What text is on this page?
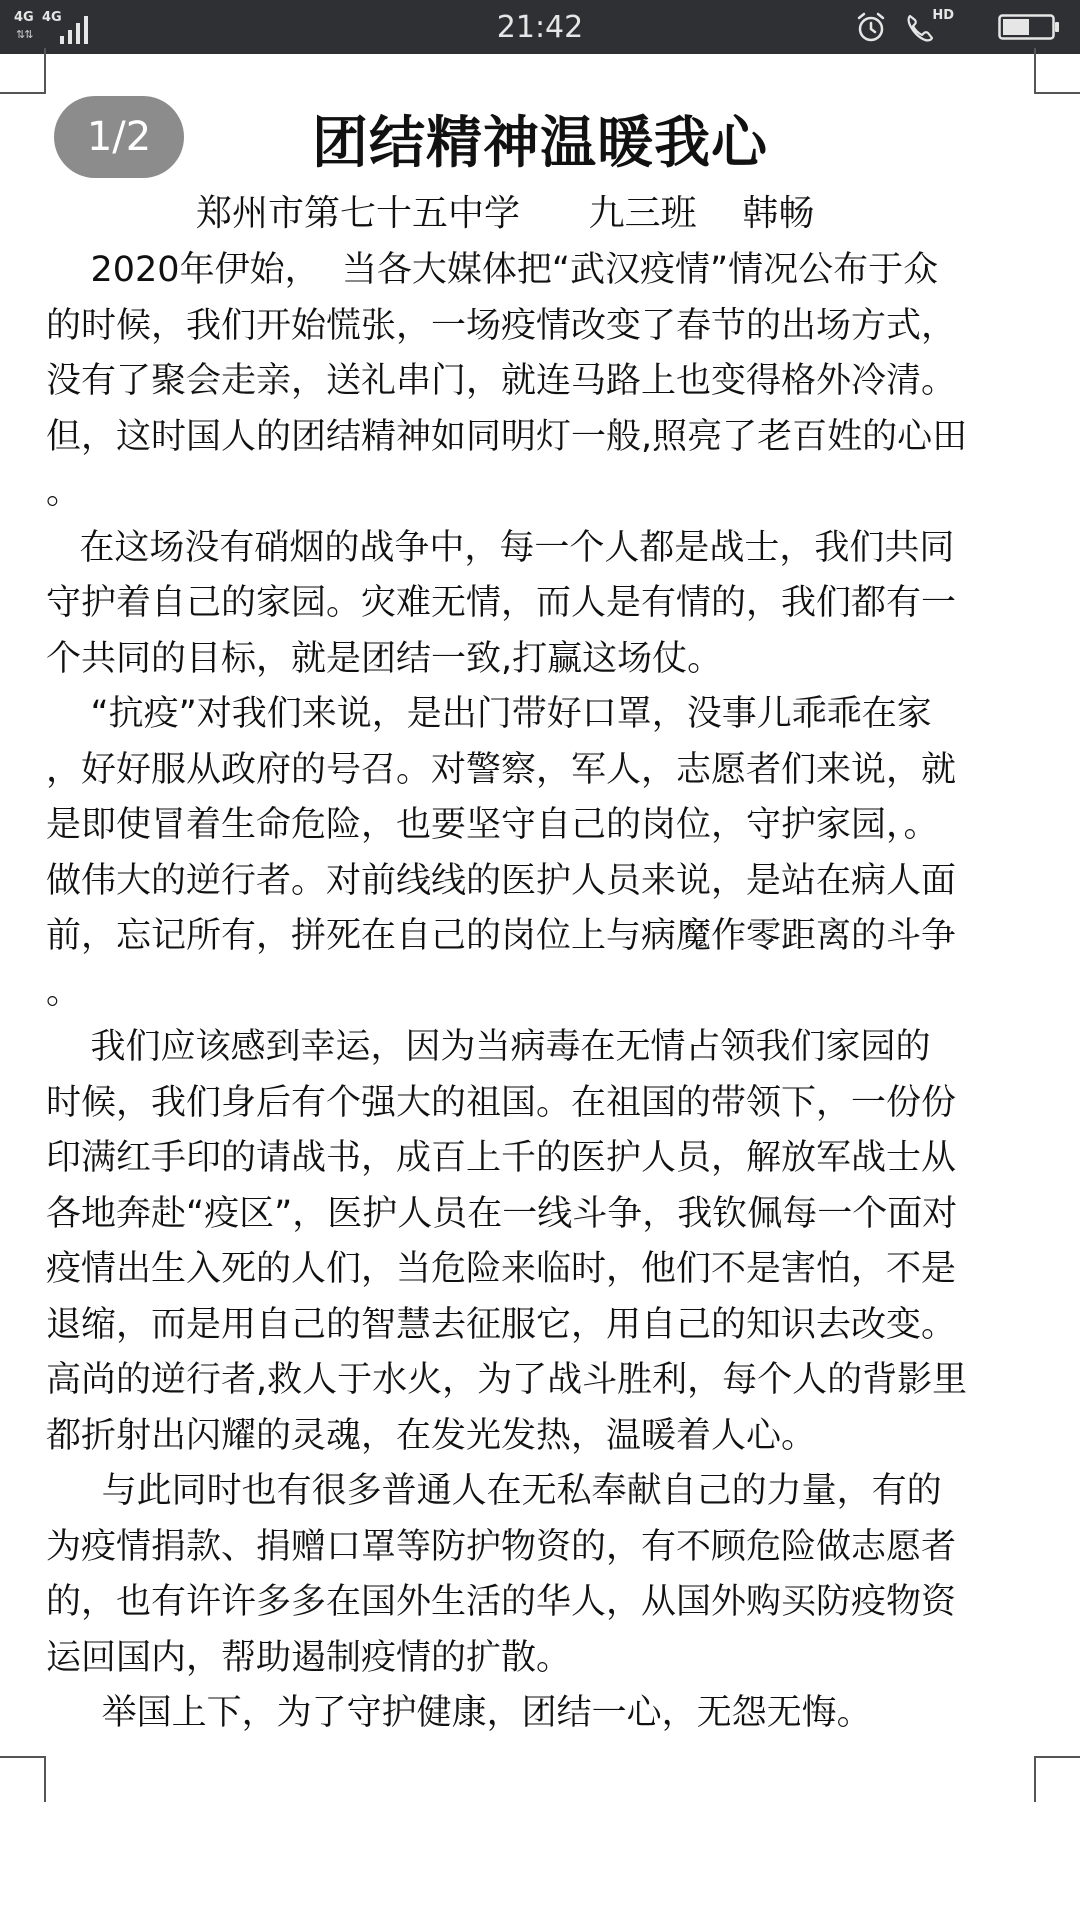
4G 4G
⇅⇅	21:42	HD
团结精神温暖我心
1/2
郑州市第七十五中学      九三班    韩畅
2020年伊始，  当各大媒体把“武汉疫情”情况公布于众
的时候，我们开始慌张，一场疫情改变了春节的出场方式，
没有了聚会走亲，送礼串门，就连马路上也变得格外冷清。
但，这时国人的团结精神如同明灯一般,照亮了老百姓的心田
。
在这场没有硝烟的战争中，每一个人都是战士，我们共同
守护着自己的家园。灾难无情，而人是有情的，我们都有一
个共同的目标，就是团结一致,打赢这场仗。
“抗疫”对我们来说，是出门带好口罩，没事儿乖乖在家
，好好服从政府的号召。对警察，军人，志愿者们来说，就
是即使冒着生命危险，也要坚守自己的岗位，守护家园，。
做伟大的逆行者。对前线线的医护人员来说，是站在病人面
前，忘记所有，拼死在自己的岗位上与病魔作零距离的斗争
。
我们应该感到幸运，因为当病毒在无情占领我们家园的
时候，我们身后有个强大的祖国。在祖国的带领下，一份份
印满红手印的请战书，成百上千的医护人员，解放军战士从
各地奔赴“疫区”，医护人员在一线斗争，我钦佩每一个面对
疫情出生入死的人们，当危险来临时，他们不是害怕，不是
退缩，而是用自己的智慧去征服它，用自己的知识去改变。
高尚的逆行者,救人于水火，为了战斗胜利，每个人的背影里
都折射出闪耀的灵魂，在发光发热，温暖着人心。
与此同时也有很多普通人在无私奉献自己的力量，有的
为疫情捐款、捐赠口罩等防护物资的，有不顾危险做志愿者
的，也有许许多多在国外生活的华人，从国外购买防疫物资
运回国内，帮助遏制疫情的扩散。
举国上下，为了守护健康，团结一心，无怨无悔。
